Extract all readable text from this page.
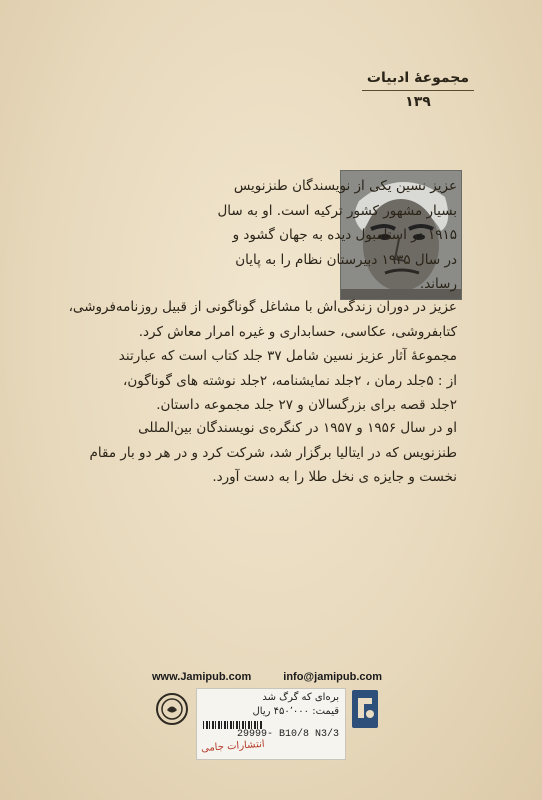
مجموعهٔ ادبیات
۱۳۹
عزیز نسین یکی از نویسندگان طنزنویس
بسیار مشهور کشور ترکیه است. او به سال
۱۹۱۵ در استامبول دیده به جهان گشود و
در سال ۱۹۳۵ دبیرستان نظام را به پایان
رساند.
عزیز در دوران زندگی‌اش با مشاغل گوناگونی از قبیل روزنامه‌فروشی،
کتابفروشی، عکاسی، حسابداری و غیره امرار معاش کرد.
مجموعهٔ آثار عزیز نسین شامل ۳۷ جلد کتاب است که عبارتند
از : ۵جلد رمان ، ۲جلد نمایشنامه، ۲جلد نوشته های گوناگون،
۲جلد قصه برای بزرگسالان و ۲۷ جلد مجموعه داستان.
او در سال ۱۹۵۶ و ۱۹۵۷ در کنگره‌ی نویسندگان بین‌المللی
طنزنویس که در ایتالیا برگزار شد، شرکت کرد و در هر دو بار مقام
نخست و جایزه ی نخل طلا را به دست آورد.
www.Jamipub.com	info@jamipub.com
بره‌ای که گرگ شد
قیمت: ۴۵۰٬۰۰۰ ریال
29999- B10/8 N3/3
انتشارات جامی
